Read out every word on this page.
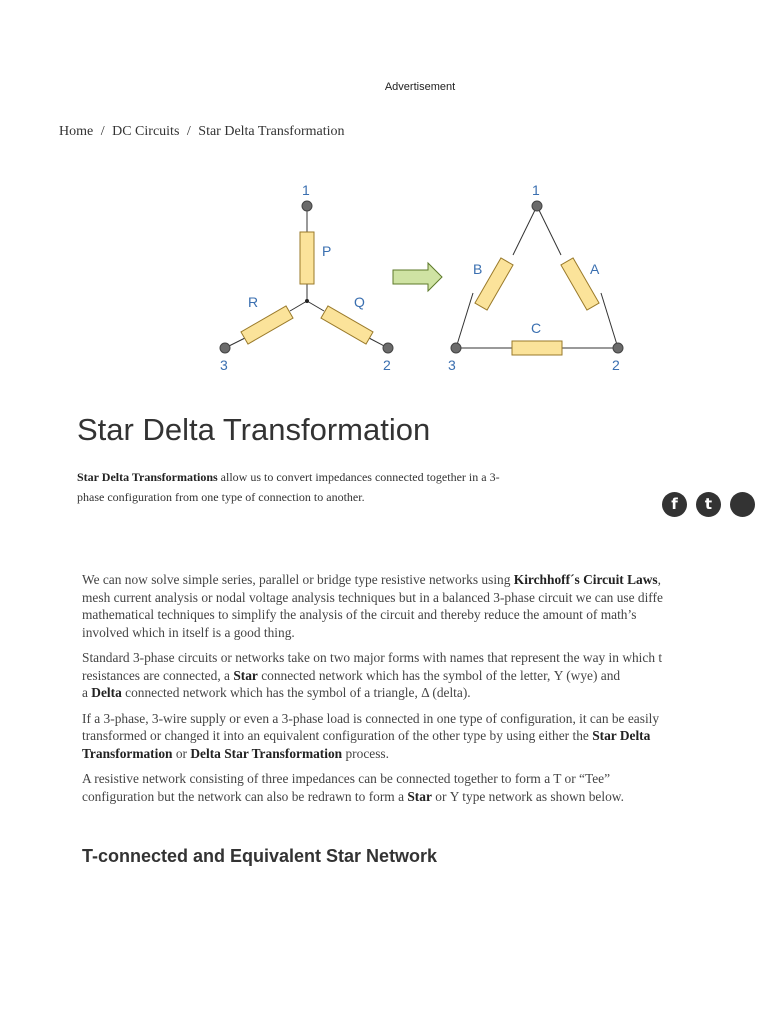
Advertisement
Home / DC Circuits / Star Delta Transformation
1
P
Q
R
2
3
1
B	A
C
3	2
Star Delta Transformation
Star Delta Transformations allow us to convert impedances connected together in a 3-
phase configuration from one type of connection to another.	f	t

We can now solve simple series, parallel or bridge type resistive networks using Kirchhoff´s Circuit Laws,
mesh current analysis or nodal voltage analysis techniques but in a balanced 3-phase circuit we can use diffe
mathematical techniques to simplify the analysis of the circuit and thereby reduce the amount of math’s
involved which in itself is a good thing.

Standard 3-phase circuits or networks take on two major forms with names that represent the way in which t
resistances are connected, a Star connected network which has the symbol of the letter, Υ (wye) and
a Delta connected network which has the symbol of a triangle, Δ (delta).

If a 3-phase, 3-wire supply or even a 3-phase load is connected in one type of configuration, it can be easily
transformed or changed it into an equivalent configuration of the other type by using either the Star Delta
Transformation or Delta Star Transformation process.

A resistive network consisting of three impedances can be connected together to form a T or “Tee”
configuration but the network can also be redrawn to form a Star or Υ type network as shown below.

T-connected and Equivalent Star Network
